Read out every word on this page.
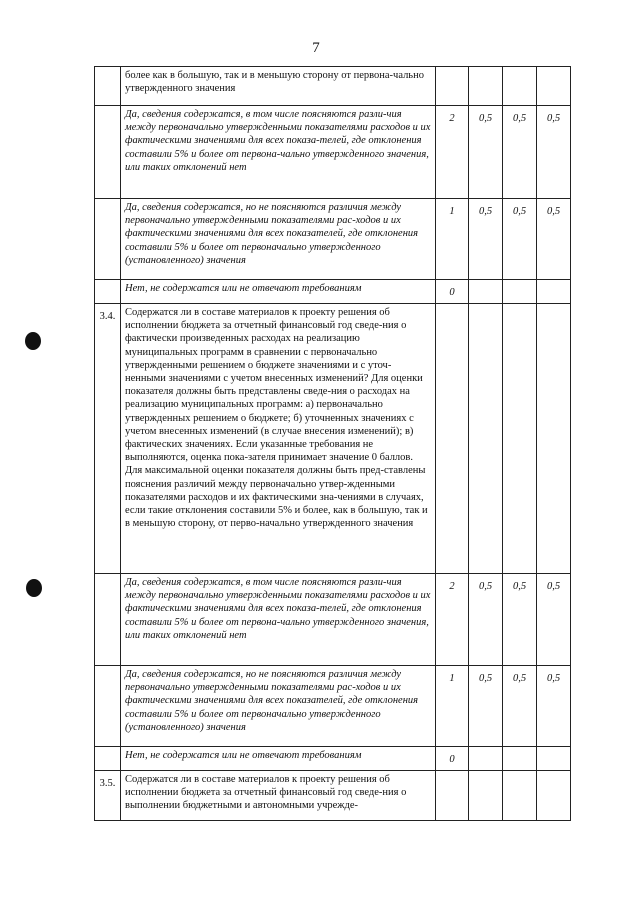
7
	более как в большую, так и в меньшую сторону от первона-чально утвержденного значения				
	Да, сведения содержатся, в том числе поясняются разли-чия между первоначально утвержденными показателями расходов и их фактическими значениями для всех показа-телей, где отклонения составили 5% и более от первона-чально утвержденного значения, или таких отклонений нет	2	0,5	0,5	0,5
	Да, сведения содержатся, но не поясняются различия между первоначально утвержденными показателями рас-ходов и их фактическими значениями для всех показателей, где отклонения составили 5% и более от первоначально утвержденного (установленного) значения	1	0,5	0,5	0,5
	Нет, не содержатся или не отвечают требованиям	0			
3.4.	Содержатся ли в составе материалов к проекту решения об исполнении бюджета за отчетный финансовый год сведе-ния о фактически произведенных расходах на реализацию муниципальных программ в сравнении с первоначально утвержденными решением о бюджете значениями и с уточ-ненными значениями с учетом внесенных изменений? Для оценки показателя должны быть представлены сведе-ния о расходах на реализацию муниципальных программ: а) первоначально утвержденных решением о бюджете; б) уточненных значениях с учетом внесенных изменений (в случае внесения изменений); в) фактических значениях. Если указанные требования не выполняются, оценка пока-зателя принимает значение 0 баллов. Для максимальной оценки показателя должны быть пред-ставлены пояснения различий между первоначально утвер-жденными показателями расходов и их фактическими зна-чениями в случаях, если такие отклонения составили 5% и более, как в большую, так и в меньшую сторону, от перво-начально утвержденного значения				
	Да, сведения содержатся, в том числе поясняются разли-чия между первоначально утвержденными показателями расходов и их фактическими значениями для всех показа-телей, где отклонения составили 5% и более от первона-чально утвержденного значения, или таких отклонений нет	2	0,5	0,5	0,5
	Да, сведения содержатся, но не поясняются различия между первоначально утвержденными показателями рас-ходов и их фактическими значениями для всех показателей, где отклонения составили 5% и более от первоначально утвержденного (установленного) значения	1	0,5	0,5	0,5
	Нет, не содержатся или не отвечают требованиям	0			
3.5.	Содержатся ли в составе материалов к проекту решения об исполнении бюджета за отчетный финансовый год сведе-ния о выполнении бюджетными и автономными учрежде-				
